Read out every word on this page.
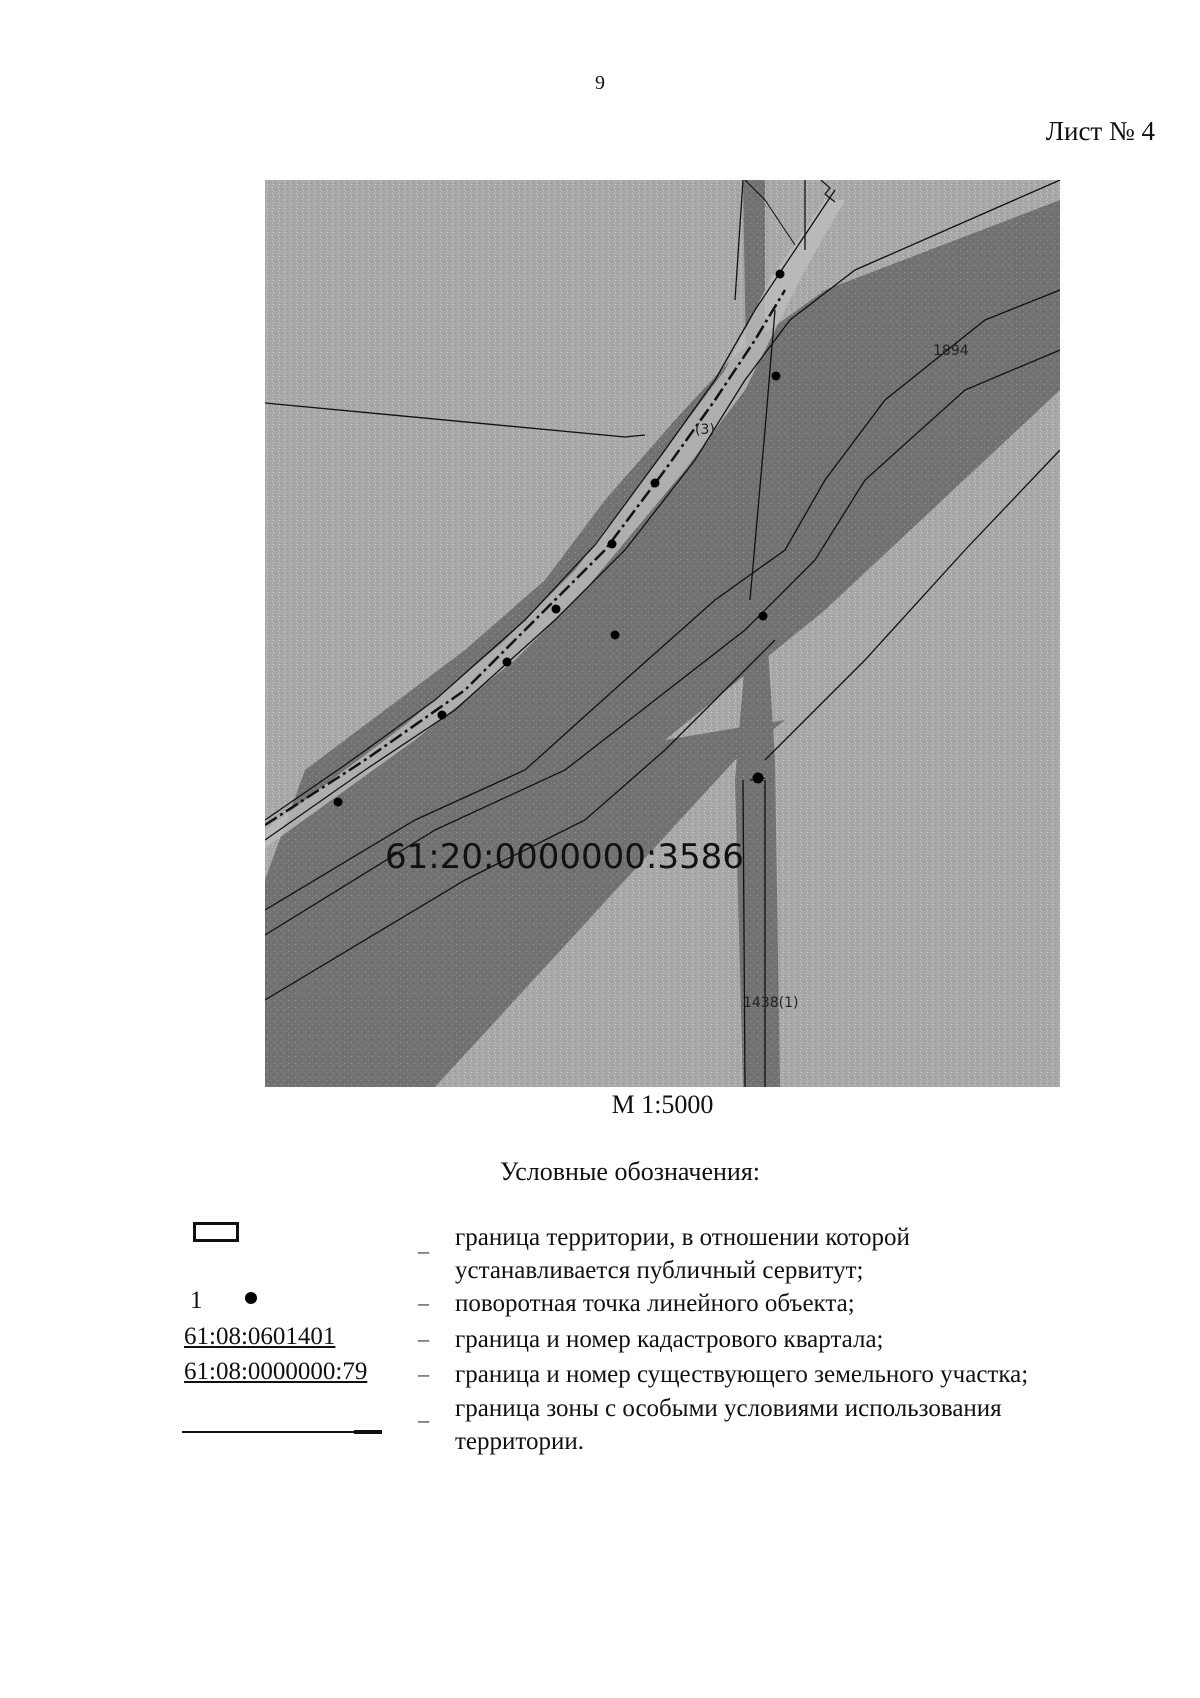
9
Лист № 4
61:20:0000000:3586
1894
(3)
1438(1)
М 1:5000
Условные обозначения:
– граница территории, в отношении которой
устанавливается публичный сервитут;
1	– поворотная точка линейного объекта;
61:08:0601401	– граница и номер кадастрового квартала;
61:08:0000000:79 – граница и номер существующего земельного участка;
– граница зоны с особыми условиями использования
территории.
